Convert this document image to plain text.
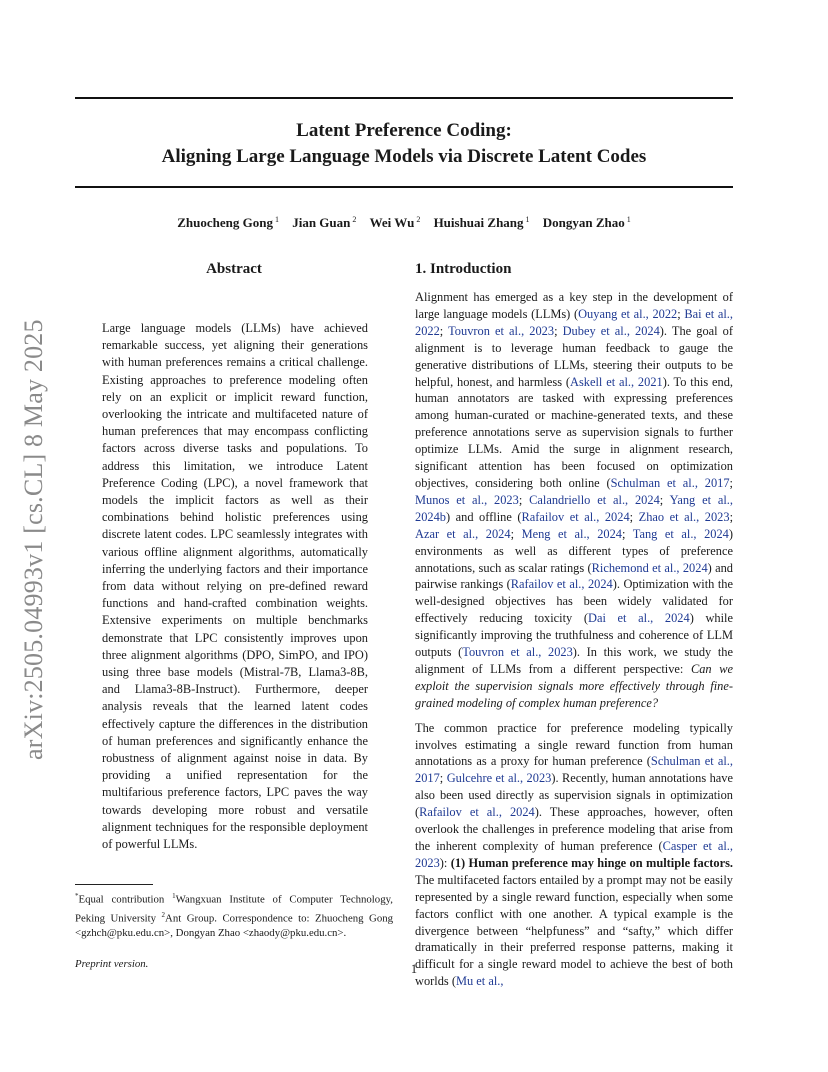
arXiv:2505.04993v1 [cs.CL] 8 May 2025
Latent Preference Coding:
Aligning Large Language Models via Discrete Latent Codes
Zhuocheng Gong $^1$ Jian Guan $^2$ Wei Wu $^2$ Huishuai Zhang $^1$ Dongyan Zhao $^1$
Abstract
Large language models (LLMs) have achieved remarkable success, yet aligning their generations with human preferences remains a critical challenge. Existing approaches to preference modeling often rely on an explicit or implicit reward function, overlooking the intricate and multifaceted nature of human preferences that may encompass conflicting factors across diverse tasks and populations. To address this limitation, we introduce Latent Preference Coding (LPC), a novel framework that models the implicit factors as well as their combinations behind holistic preferences using discrete latent codes. LPC seamlessly integrates with various offline alignment algorithms, automatically inferring the underlying factors and their importance from data without relying on pre-defined reward functions and hand-crafted combination weights. Extensive experiments on multiple benchmarks demonstrate that LPC consistently improves upon three alignment algorithms (DPO, SimPO, and IPO) using three base models (Mistral-7B, Llama3-8B, and Llama3-8B-Instruct). Furthermore, deeper analysis reveals that the learned latent codes effectively capture the differences in the distribution of human preferences and significantly enhance the robustness of alignment against noise in data. By providing a unified representation for the multifarious preference factors, LPC paves the way towards developing more robust and versatile alignment techniques for the responsible deployment of powerful LLMs.
*Equal contribution $^1$Wangxuan Institute of Computer Technology, Peking University $^2$Ant Group. Correspondence to: Zhuocheng Gong <gzhch@pku.edu.cn>, Dongyan Zhao <zhaody@pku.edu.cn>.
Preprint version.
1. Introduction

Alignment has emerged as a key step in the development of large language models (LLMs) (Ouyang et al., 2022; Bai et al., 2022; Touvron et al., 2023; Dubey et al., 2024). The goal of alignment is to leverage human feedback to gauge the generative distributions of LLMs, steering their outputs to be helpful, honest, and harmless (Askell et al., 2021). To this end, human annotators are tasked with expressing preferences among human-curated or machine-generated texts, and these preference annotations serve as supervision signals to further optimize LLMs. Amid the surge in alignment research, significant attention has been focused on optimization objectives, considering both online (Schulman et al., 2017; Munos et al., 2023; Calandriello et al., 2024; Yang et al., 2024b) and offline (Rafailov et al., 2024; Zhao et al., 2023; Azar et al., 2024; Meng et al., 2024; Tang et al., 2024) environments as well as different types of preference annotations, such as scalar ratings (Richemond et al., 2024) and pairwise rankings (Rafailov et al., 2024). Optimization with the well-designed objectives has been widely validated for effectively reducing toxicity (Dai et al., 2024) while significantly improving the truthfulness and coherence of LLM outputs (Touvron et al., 2023). In this work, we study the alignment of LLMs from a different perspective: Can we exploit the supervision signals more effectively through fine-grained modeling of complex human preference?

The common practice for preference modeling typically involves estimating a single reward function from human annotations as a proxy for human preference (Schulman et al., 2017; Gulcehre et al., 2023). Recently, human annotations have also been used directly as supervision signals in optimization (Rafailov et al., 2024). These approaches, however, often overlook the challenges in preference modeling that arise from the inherent complexity of human preference (Casper et al., 2023): (1) Human preference may hinge on multiple factors. The multifaceted factors entailed by a prompt may not be easily represented by a single reward function, especially when some factors conflict with one another. A typical example is the divergence between “helpfuness” and “safty,” which differ dramatically in their preferred response patterns, making it difficult for a single reward model to achieve the best of both worlds (Mu et al.,

1
